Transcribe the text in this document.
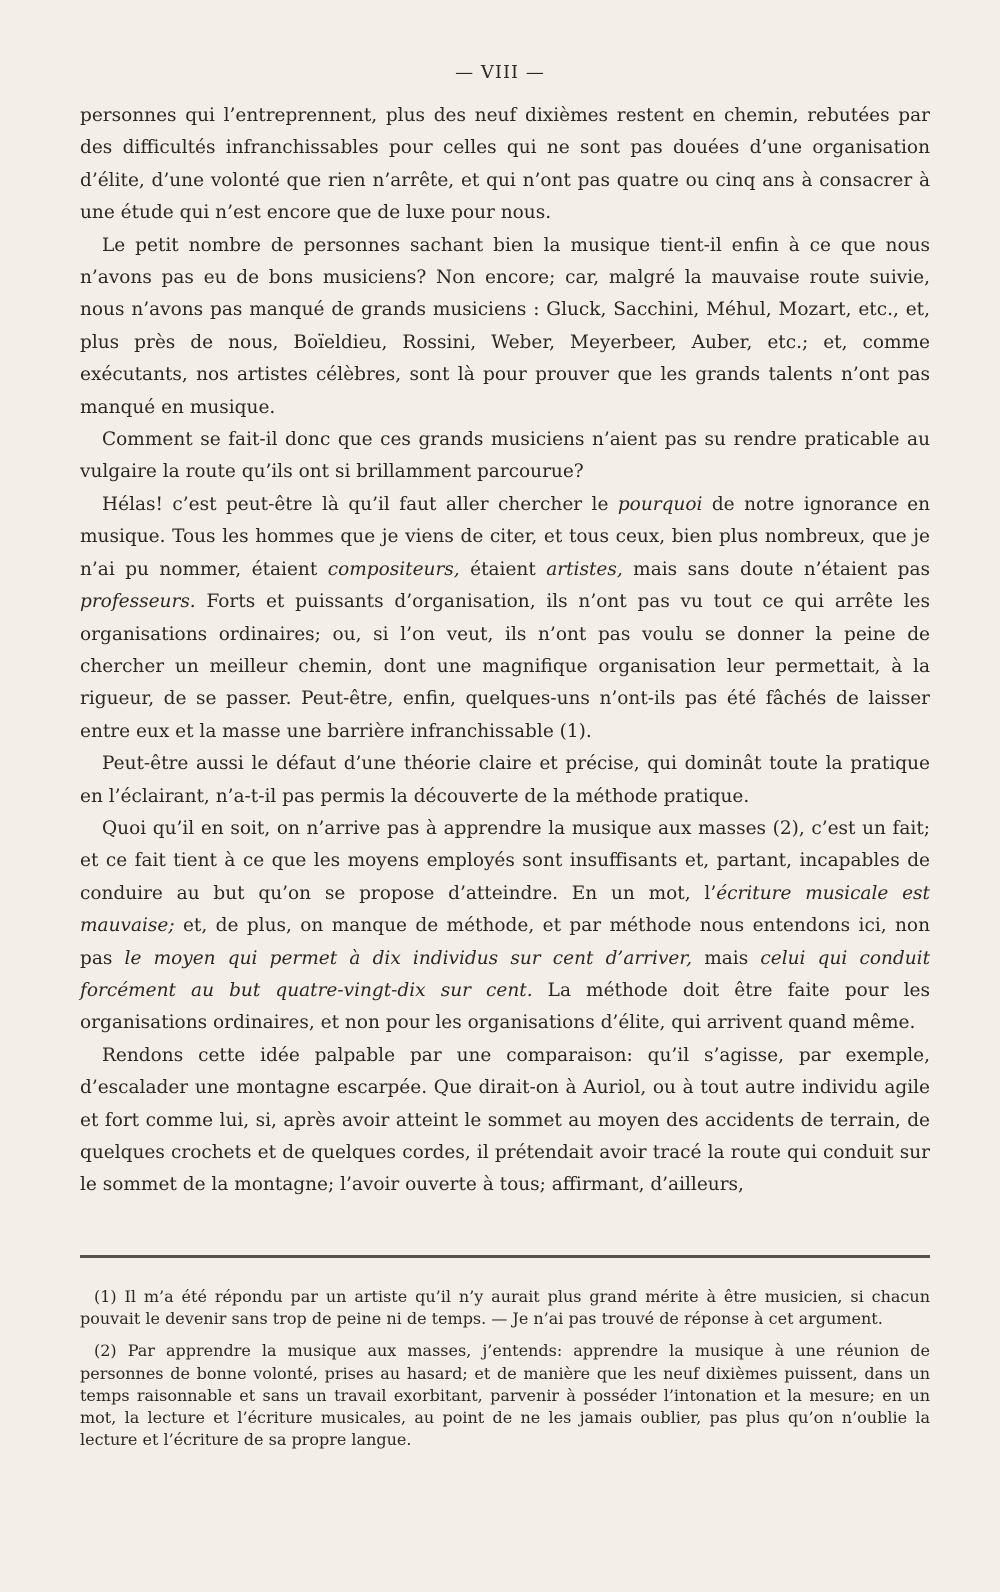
— VIII —

personnes qui l’entreprennent, plus des neuf dixièmes restent en chemin, rebutées par des difficultés infranchissables pour celles qui ne sont pas douées d’une organisation d’élite, d’une volonté que rien n’arrête, et qui n’ont pas quatre ou cinq ans à consacrer à une étude qui n’est encore que de luxe pour nous.

Le petit nombre de personnes sachant bien la musique tient-il enfin à ce que nous n’avons pas eu de bons musiciens? Non encore; car, malgré la mauvaise route suivie, nous n’avons pas manqué de grands musiciens : Gluck, Sacchini, Méhul, Mozart, etc., et, plus près de nous, Boïeldieu, Rossini, Weber, Meyerbeer, Auber, etc.; et, comme exécutants, nos artistes célèbres, sont là pour prouver que les grands talents n’ont pas manqué en musique.

Comment se fait-il donc que ces grands musiciens n’aient pas su rendre praticable au vulgaire la route qu’ils ont si brillamment parcourue?

Hélas! c’est peut-être là qu’il faut aller chercher le pourquoi de notre ignorance en musique. Tous les hommes que je viens de citer, et tous ceux, bien plus nombreux, que je n’ai pu nommer, étaient compositeurs, étaient artistes, mais sans doute n’étaient pas professeurs. Forts et puissants d’organisation, ils n’ont pas vu tout ce qui arrête les organisations ordinaires; ou, si l’on veut, ils n’ont pas voulu se donner la peine de chercher un meilleur chemin, dont une magnifique organisation leur permettait, à la rigueur, de se passer. Peut-être, enfin, quelques-uns n’ont-ils pas été fâchés de laisser entre eux et la masse une barrière infranchissable (1).

Peut-être aussi le défaut d’une théorie claire et précise, qui dominât toute la pratique en l’éclairant, n’a-t-il pas permis la découverte de la méthode pratique.

Quoi qu’il en soit, on n’arrive pas à apprendre la musique aux masses (2), c’est un fait; et ce fait tient à ce que les moyens employés sont insuffisants et, partant, incapables de conduire au but qu’on se propose d’atteindre. En un mot, l’écriture musicale est mauvaise; et, de plus, on manque de méthode, et par méthode nous entendons ici, non pas le moyen qui permet à dix individus sur cent d’arriver, mais celui qui conduit forcément au but quatre-vingt-dix sur cent. La méthode doit être faite pour les organisations ordinaires, et non pour les organisations d’élite, qui arrivent quand même.

Rendons cette idée palpable par une comparaison: qu’il s’agisse, par exemple, d’escalader une montagne escarpée. Que dirait-on à Auriol, ou à tout autre individu agile et fort comme lui, si, après avoir atteint le sommet au moyen des accidents de terrain, de quelques crochets et de quelques cordes, il prétendait avoir tracé la route qui conduit sur le sommet de la montagne; l’avoir ouverte à tous; affirmant, d’ailleurs,

(1) Il m’a été répondu par un artiste qu’il n’y aurait plus grand mérite à être musicien, si chacun pouvait le devenir sans trop de peine ni de temps. — Je n’ai pas trouvé de réponse à cet argument.

(2) Par apprendre la musique aux masses, j’entends: apprendre la musique à une réunion de personnes de bonne volonté, prises au hasard; et de manière que les neuf dixièmes puissent, dans un temps raisonnable et sans un travail exorbitant, parvenir à posséder l’intonation et la mesure; en un mot, la lecture et l’écriture musicales, au point de ne les jamais oublier, pas plus qu’on n’oublie la lecture et l’écriture de sa propre langue.
